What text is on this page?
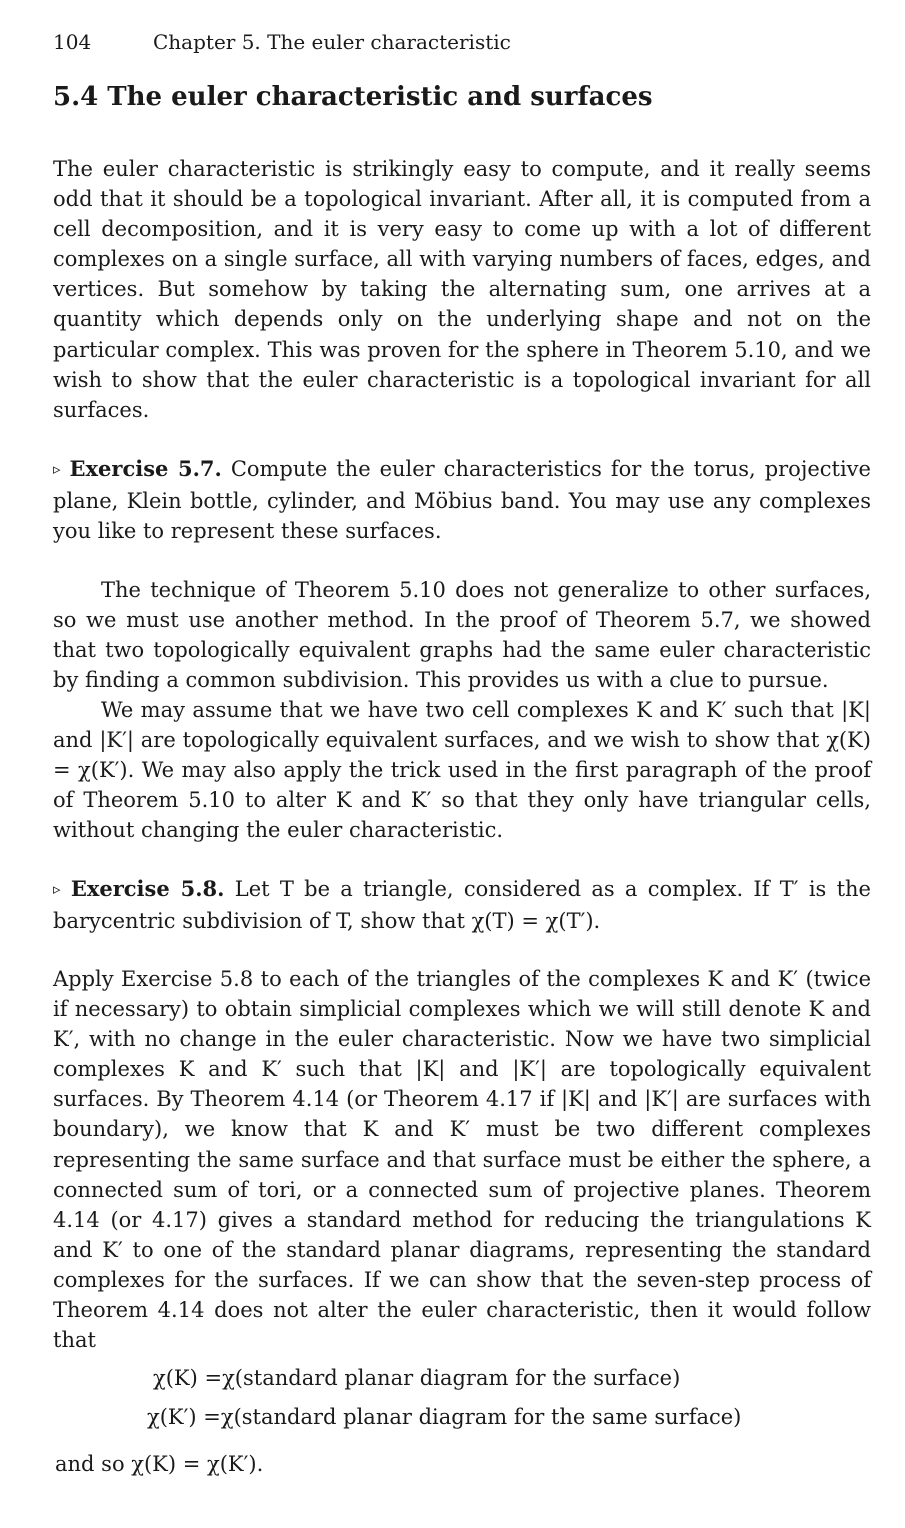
104	Chapter 5. The euler characteristic
5.4 The euler characteristic and surfaces

The euler characteristic is strikingly easy to compute, and it really seems odd that it should be a topological invariant. After all, it is computed from a cell decomposition, and it is very easy to come up with a lot of different complexes on a single surface, all with varying numbers of faces, edges, and vertices. But somehow by taking the alternating sum, one arrives at a quantity which depends only on the underlying shape and not on the particular complex. This was proven for the sphere in Theorem 5.10, and we wish to show that the euler characteristic is a topological invariant for all surfaces.

▹ Exercise 5.7. Compute the euler characteristics for the torus, projective plane, Klein bottle, cylinder, and Möbius band. You may use any complexes you like to represent these surfaces.

The technique of Theorem 5.10 does not generalize to other surfaces, so we must use another method. In the proof of Theorem 5.7, we showed that two topologically equivalent graphs had the same euler characteristic by finding a common subdivision. This provides us with a clue to pursue.

We may assume that we have two cell complexes K and K′ such that |K| and |K′| are topologically equivalent surfaces, and we wish to show that χ(K) = χ(K′). We may also apply the trick used in the first paragraph of the proof of Theorem 5.10 to alter K and K′ so that they only have triangular cells, without changing the euler characteristic.

▹ Exercise 5.8. Let T be a triangle, considered as a complex. If T′ is the barycentric subdivision of T, show that χ(T) = χ(T′).

Apply Exercise 5.8 to each of the triangles of the complexes K and K′ (twice if necessary) to obtain simplicial complexes which we will still denote K and K′, with no change in the euler characteristic. Now we have two simplicial complexes K and K′ such that |K| and |K′| are topologically equivalent surfaces. By Theorem 4.14 (or Theorem 4.17 if |K| and |K′| are surfaces with boundary), we know that K and K′ must be two different complexes representing the same surface and that surface must be either the sphere, a connected sum of tori, or a connected sum of projective planes. Theorem 4.14 (or 4.17) gives a standard method for reducing the triangulations K and K′ to one of the standard planar diagrams, representing the standard complexes for the surfaces. If we can show that the seven-step process of Theorem 4.14 does not alter the euler characteristic, then it would follow that

χ(K) =χ(standard planar diagram for the surface)
χ(K′) =χ(standard planar diagram for the same surface)
and so χ(K) = χ(K′).
